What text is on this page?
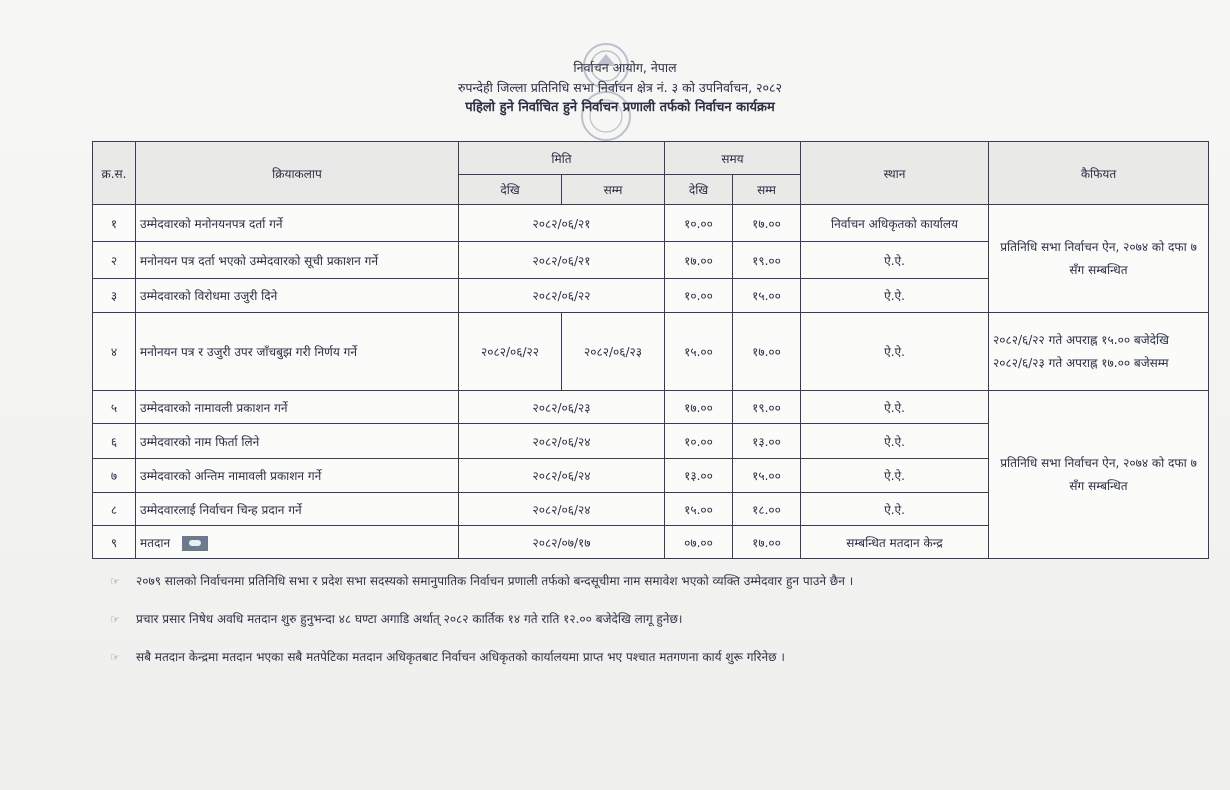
निर्वाचन आयोग, नेपाल
रुपन्देही जिल्ला प्रतिनिधि सभा निर्वाचन क्षेत्र नं. ३ को उपनिर्वाचन, २०८२
पहिलो हुने निर्वाचित हुने निर्वाचन प्रणाली तर्फको निर्वाचन कार्यक्रम
क्र.स.	क्रियाकलाप	मिति		समय		स्थान	कैफियत
		देखि	सम्म	देखि	सम्म		
१	उम्मेदवारको मनोनयनपत्र दर्ता गर्ने	२०८२/०६/२१		१०.००	१७.००	निर्वाचन अधिकृतको कार्यालय	प्रतिनिधि सभा निर्वाचन ऐन, २०७४ को दफा ७ सँग सम्बन्धित
२	मनोनयन पत्र दर्ता भएको उम्मेदवारको सूची प्रकाशन गर्ने	२०८२/०६/२१		१७.००	१९.००	ऐ.ऐ.	
३	उम्मेदवारको विरोधमा उजुरी दिने	२०८२/०६/२२		१०.००	१५.००	ऐ.ऐ.	
४	मनोनयन पत्र र उजुरी उपर जाँचबुझ गरी निर्णय गर्ने	२०८२/०६/२२	२०८२/०६/२३	१५.००	१७.००	ऐ.ऐ.	२०८२/६/२२ गते अपराह्न १५.०० बजेदेखि २०८२/६/२३ गते अपराह्न १७.०० बजेसम्म
५	उम्मेदवारको नामावली प्रकाशन गर्ने	२०८२/०६/२३		१७.००	१९.००	ऐ.ऐ.	प्रतिनिधि सभा निर्वाचन ऐन, २०७४ को दफा ७ सँग सम्बन्धित
६	उम्मेदवारको नाम फिर्ता लिने	२०८२/०६/२४		१०.००	१३.००	ऐ.ऐ.	
७	उम्मेदवारको अन्तिम नामावली प्रकाशन गर्ने	२०८२/०६/२४		१३.००	१५.००	ऐ.ऐ.	
८	उम्मेदवारलाई निर्वाचन चिन्ह प्रदान गर्ने	२०८२/०६/२४		१५.००	१८.००	ऐ.ऐ.	
९	मतदान	२०८२/०७/१७		०७.००	१७.००	सम्बन्धित मतदान केन्द्र	
☞ २०७९ सालको निर्वाचनमा प्रतिनिधि सभा र प्रदेश सभा सदस्यको समानुपातिक निर्वाचन प्रणाली तर्फको बन्दसूचीमा नाम समावेश भएको व्यक्ति उम्मेदवार हुन पाउने छैन ।
☞ प्रचार प्रसार निषेध अवधि मतदान शुरु हुनुभन्दा ४८ घण्टा अगाडि अर्थात् २०८२ कार्तिक १४ गते राति १२.०० बजेदेखि लागू हुनेछ।
☞ सबै मतदान केन्द्रमा मतदान भएका सबै मतपेटिका मतदान अधिकृतबाट निर्वाचन अधिकृतको कार्यालयमा प्राप्त भए पश्चात मतगणना कार्य शुरू गरिनेछ ।
